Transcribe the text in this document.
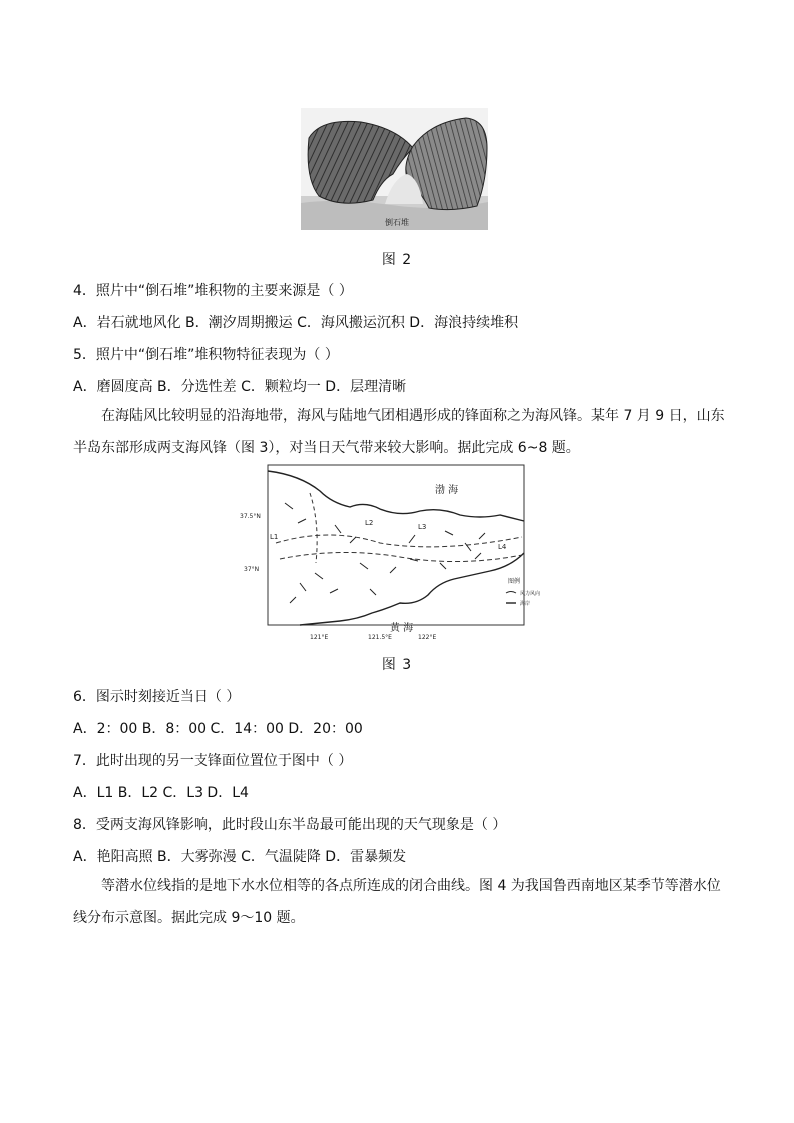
倒石堆
图 2
4．照片中“倒石堆”堆积物的主要来源是（ ）
A．岩石就地风化 B．潮汐周期搬运 C．海风搬运沉积 D．海浪持续堆积
5．照片中“倒石堆”堆积物特征表现为（ ）
A．磨圆度高 B．分选性差 C．颗粒均一 D．层理清晰
在海陆风比较明显的沿海地带，海风与陆地气团相遇形成的锋面称之为海风锋。某年 7 月 9 日，山东半岛东部形成两支海风锋（图 3），对当日天气带来较大影响。据此完成 6~8 题。
渤 海
黄 海
37.5°N
37°N
121°E	121.5°E	122°E
L1
L2	L3
L4
图例
风力风向
海岸
图 3
6．图示时刻接近当日（ ）
A．2：00 B．8：00 C．14：00 D．20：00
7．此时出现的另一支锋面位置位于图中（ ）
A．L1 B．L2 C．L3 D．L4
8．受两支海风锋影响，此时段山东半岛最可能出现的天气现象是（ ）
A．艳阳高照 B．大雾弥漫 C．气温陡降 D．雷暴频发
等潜水位线指的是地下水水位相等的各点所连成的闭合曲线。图 4 为我国鲁西南地区某季节等潜水位线分布示意图。据此完成 9～10 题。
